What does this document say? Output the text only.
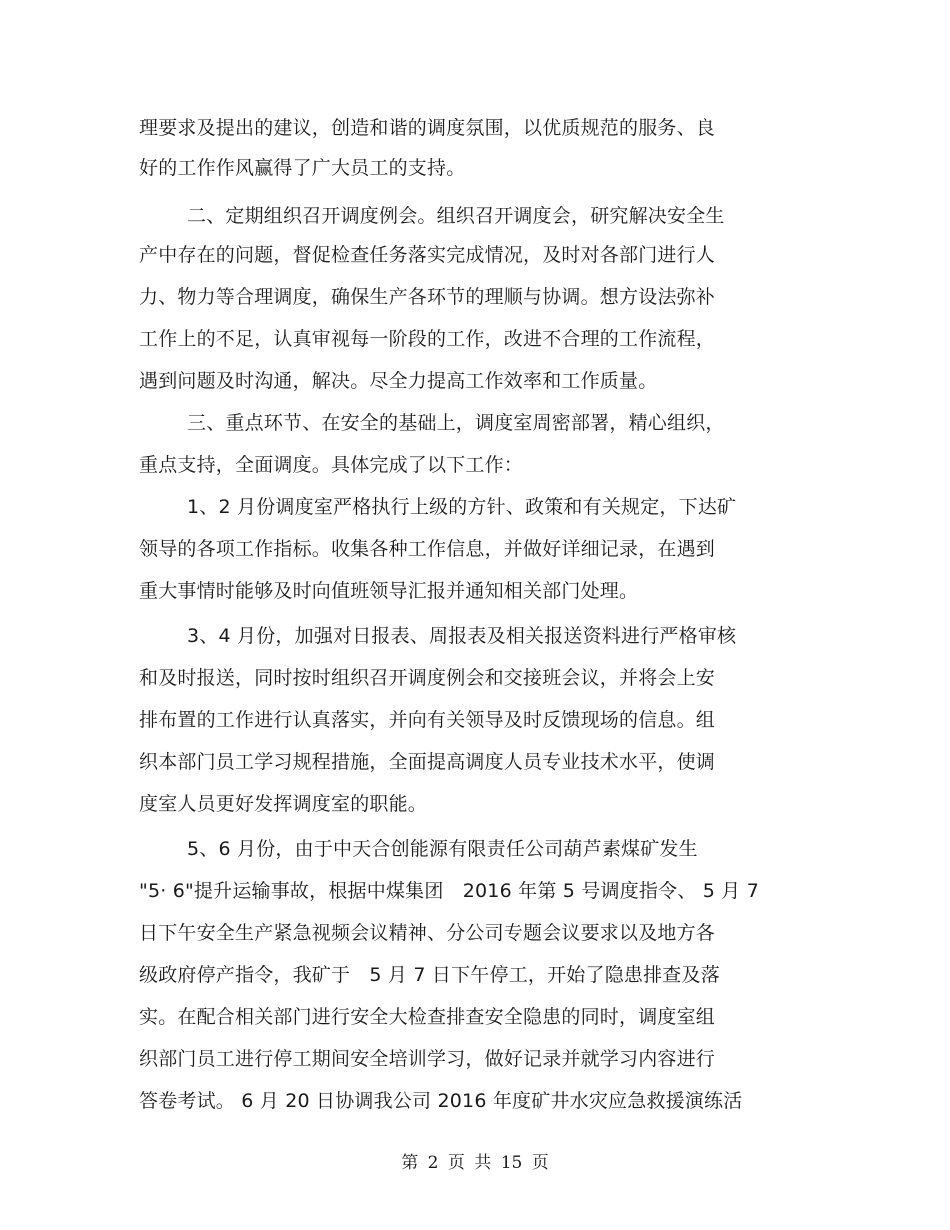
理要求及提出的建议，创造和谐的调度氛围，以优质规范的服务、良
好的工作作风赢得了广大员工的支持。
二、定期组织召开调度例会。组织召开调度会，研究解决安全生
产中存在的问题，督促检查任务落实完成情况，及时对各部门进行人
力、物力等合理调度，确保生产各环节的理顺与协调。想方设法弥补
工作上的不足，认真审视每一阶段的工作，改进不合理的工作流程，
遇到问题及时沟通，解决。尽全力提高工作效率和工作质量。
三、重点环节、在安全的基础上，调度室周密部署，精心组织，
重点支持，全面调度。具体完成了以下工作：
1、2 月份调度室严格执行上级的方针、政策和有关规定，下达矿
领导的各项工作指标。收集各种工作信息，并做好详细记录，在遇到
重大事情时能够及时向值班领导汇报并通知相关部门处理。
3、4 月份，加强对日报表、周报表及相关报送资料进行严格审核
和及时报送，同时按时组织召开调度例会和交接班会议，并将会上安
排布置的工作进行认真落实，并向有关领导及时反馈现场的信息。组
织本部门员工学习规程措施，全面提高调度人员专业技术水平，使调
度室人员更好发挥调度室的职能。
5、6 月份，由于中天合创能源有限责任公司葫芦素煤矿发生
"5· 6"提升运输事故，根据中煤集团　2016 年第 5 号调度指令、 5 月 7
日下午安全生产紧急视频会议精神、分公司专题会议要求以及地方各
级政府停产指令，我矿于　5 月 7 日下午停工，开始了隐患排查及落
实。在配合相关部门进行安全大检查排查安全隐患的同时，调度室组
织部门员工进行停工期间安全培训学习，做好记录并就学习内容进行
答卷考试。 6 月 20 日协调我公司 2016 年度矿井水灾应急救援演练活
第 2 页 共 15 页
